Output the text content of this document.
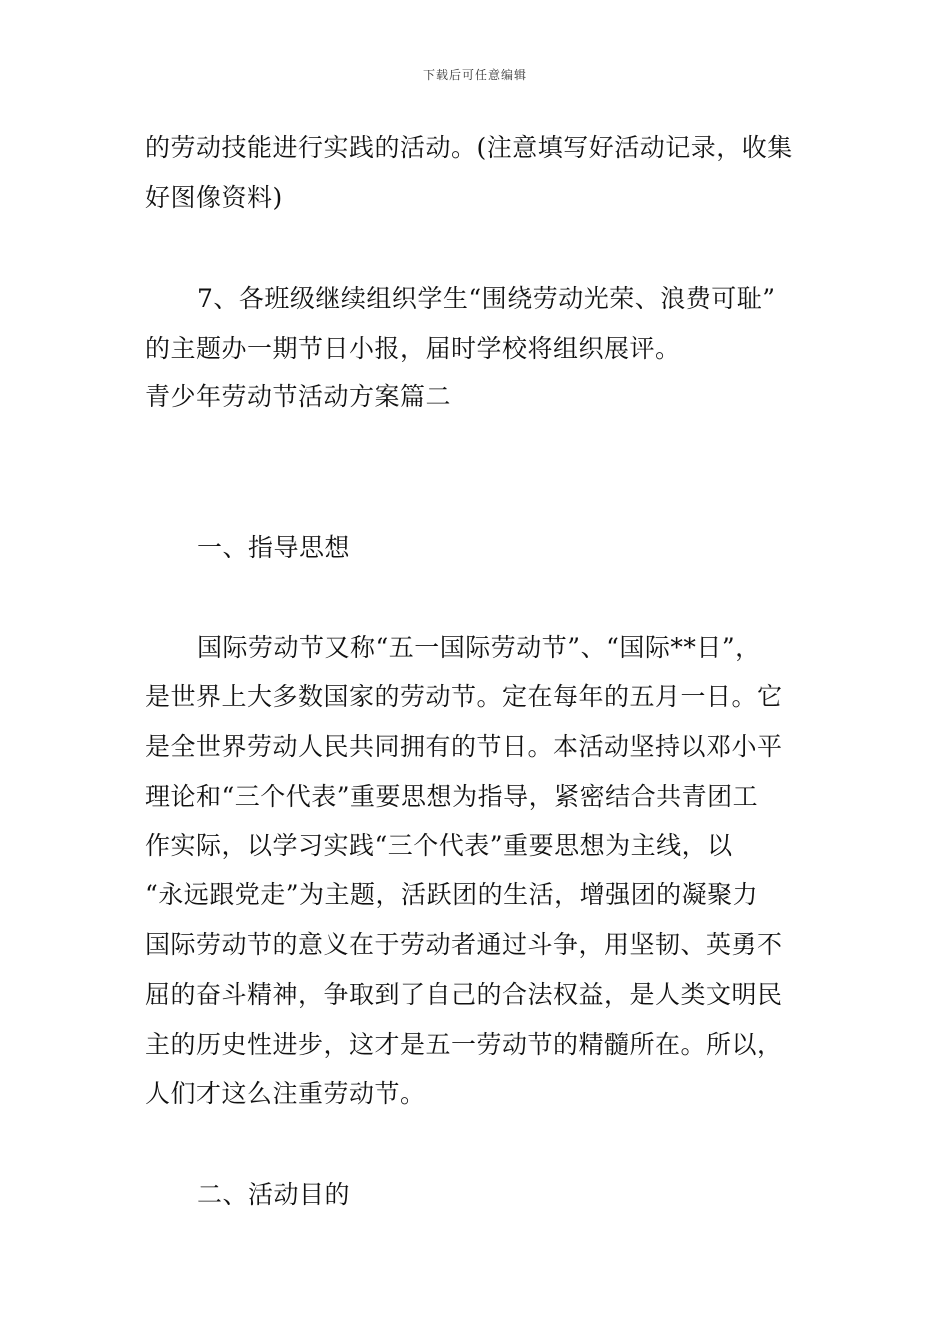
下载后可任意编辑
的劳动技能进行实践的活动。(注意填写好活动记录，收集
好图像资料)
7、各班级继续组织学生“围绕劳动光荣、浪费可耻”
的主题办一期节日小报，届时学校将组织展评。
青少年劳动节活动方案篇二
一、指导思想
国际劳动节又称“五一国际劳动节”、“国际**日”，
是世界上大多数国家的劳动节。定在每年的五月一日。它
是全世界劳动人民共同拥有的节日。本活动坚持以邓小平
理论和“三个代表”重要思想为指导，紧密结合共青团工
作实际，以学习实践“三个代表”重要思想为主线，以
“永远跟党走”为主题，活跃团的生活，增强团的凝聚力
国际劳动节的意义在于劳动者通过斗争，用坚韧、英勇不
屈的奋斗精神，争取到了自己的合法权益，是人类文明民
主的历史性进步，这才是五一劳动节的精髓所在。所以，
人们才这么注重劳动节。
二、活动目的
